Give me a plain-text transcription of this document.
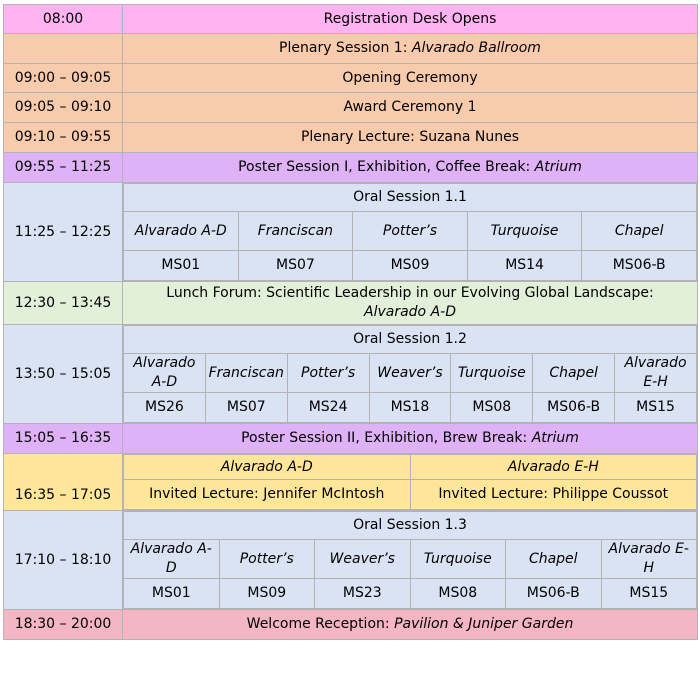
08:00	Registration Desk Opens
	Plenary Session 1: Alvarado Ballroom
09:00 – 09:05	Opening Ceremony
09:05 – 09:10	Award Ceremony 1
09:10 – 09:55	Plenary Lecture: Suzana Nunes
09:55 – 11:25	Poster Session I, Exhibition, Coffee Break: Atrium
11:25 – 12:25	
Oral Session 1.1
Alvarado A-D	Franciscan	Potter’s	Turquoise	Chapel
MS01	MS07	MS09	MS14	MS06-B

12:30 – 13:45	Lunch Forum: Scientific Leadership in our Evolving Global Landscape:
Alvarado A-D
13:50 – 15:05	
Oral Session 1.2
Alvarado A-D	Franciscan	Potter’s	Weaver’s	Turquoise	Chapel	Alvarado E-H
MS26	MS07	MS24	MS18	MS08	MS06-B	MS15

15:05 – 16:35	Poster Session II, Exhibition, Brew Break: Atrium
16:35 – 17:05	
Alvarado A-D	Alvarado E-H
Invited Lecture: Jennifer McIntosh	Invited Lecture: Philippe Coussot

17:10 – 18:10	
Oral Session 1.3
Alvarado A-D	Potter’s	Weaver’s	Turquoise	Chapel	Alvarado E-H
MS01	MS09	MS23	MS08	MS06-B	MS15

18:30 – 20:00	Welcome Reception: Pavilion & Juniper Garden
